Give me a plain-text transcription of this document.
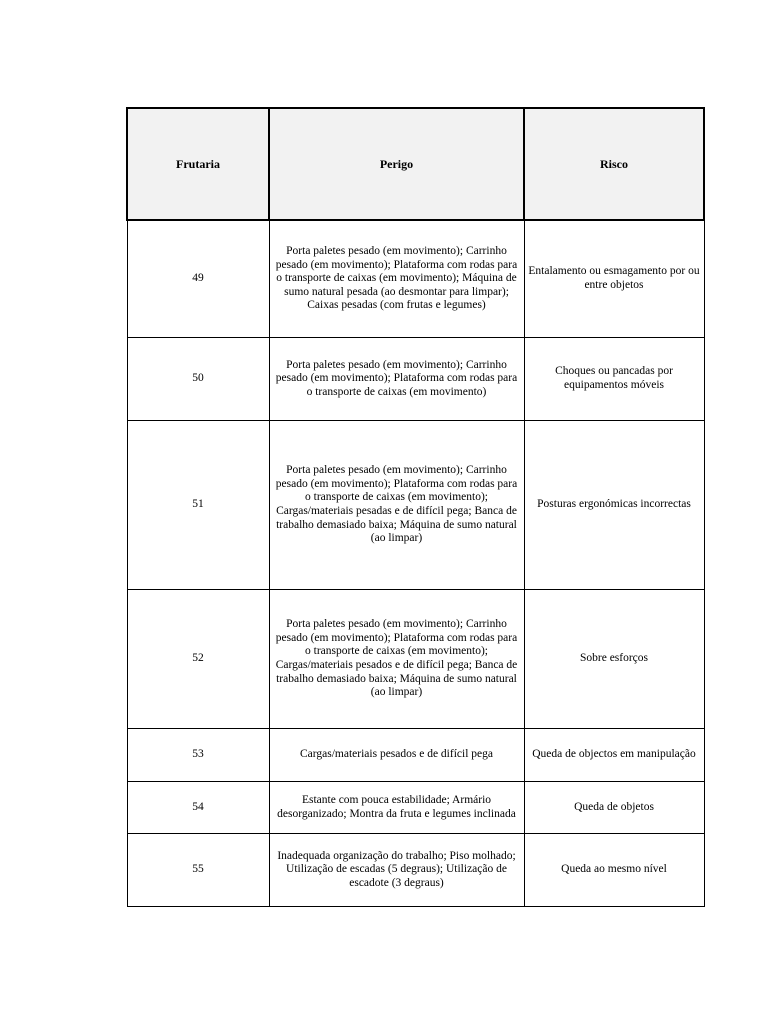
Frutaria	Perigo	Risco
49	Porta paletes pesado (em movimento); Carrinho pesado (em movimento); Plataforma com rodas para o transporte de caixas (em movimento); Máquina de sumo natural pesada (ao desmontar para limpar); Caixas pesadas (com frutas e legumes)	Entalamento ou esmagamento por ou entre objetos
50	Porta paletes pesado (em movimento); Carrinho pesado (em movimento); Plataforma com rodas para o transporte de caixas (em movimento)	Choques ou pancadas por equipamentos móveis
51	Porta paletes pesado (em movimento); Carrinho pesado (em movimento); Plataforma com rodas para o transporte de caixas (em movimento); Cargas/materiais pesadas e de difícil pega; Banca de trabalho demasiado baixa; Máquina de sumo natural (ao limpar)	Posturas ergonómicas incorrectas
52	Porta paletes pesado (em movimento); Carrinho pesado (em movimento); Plataforma com rodas para o transporte de caixas (em movimento); Cargas/materiais pesados e de difícil pega; Banca de trabalho demasiado baixa; Máquina de sumo natural (ao limpar)	Sobre esforços
53	Cargas/materiais pesados e de difícil pega	Queda de objectos em manipulação
54	Estante com pouca estabilidade; Armário desorganizado; Montra da fruta e legumes inclinada	Queda de objetos
55	Inadequada organização do trabalho; Piso molhado; Utilização de escadas (5 degraus); Utilização de escadote (3 degraus)	Queda ao mesmo nível
